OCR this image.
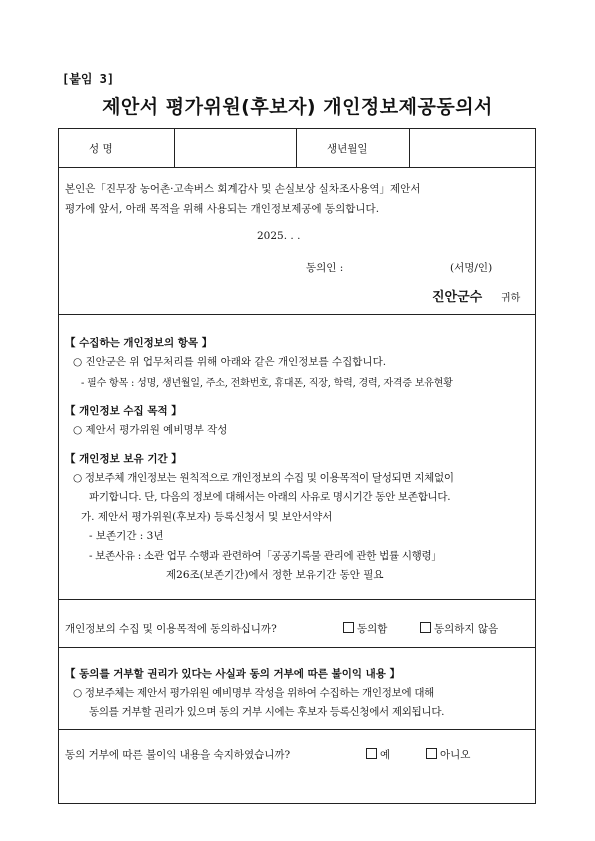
[붙임 3]
제안서 평가위원(후보자) 개인정보제공동의서
성 명	생년월일
본인은「진무장 농어촌·고속버스 회계감사 및 손실보상 실차조사용역」제안서
평가에 앞서, 아래 목적을 위해 사용되는 개인정보제공에 동의합니다.
2025. . .
동의인 :	(서명/인)
진안군수 귀하
【 수집하는 개인정보의 항목 】
○ 진안군은 위 업무처리를 위해 아래와 같은 개인정보를 수집합니다.
- 필수 항목 : 성명, 생년월일, 주소, 전화번호, 휴대폰, 직장, 학력, 경력, 자격증 보유현황
【 개인정보 수집 목적 】
○ 제안서 평가위원 예비명부 작성
【 개인정보 보유 기간 】
○ 정보주체 개인정보는 원칙적으로 개인정보의 수집 및 이용목적이 달성되면 지체없이
파기합니다. 단, 다음의 정보에 대해서는 아래의 사유로 명시기간 동안 보존합니다.
가. 제안서 평가위원(후보자) 등록신청서 및 보안서약서
- 보존기간 : 3년
- 보존사유 : 소관 업무 수행과 관련하여「공공기록물 관리에 관한 법률 시행령」
제26조(보존기간)에서 정한 보유기간 동안 필요
개인정보의 수집 및 이용목적에 동의하십니까?	동의함	동의하지 않음
【 동의를 거부할 권리가 있다는 사실과 동의 거부에 따른 불이익 내용 】
○ 정보주체는 제안서 평가위원 예비명부 작성을 위하여 수집하는 개인정보에 대해
동의를 거부할 권리가 있으며 동의 거부 시에는 후보자 등록신청에서 제외됩니다.
동의 거부에 따른 불이익 내용을 숙지하였습니까?	예	아니오
